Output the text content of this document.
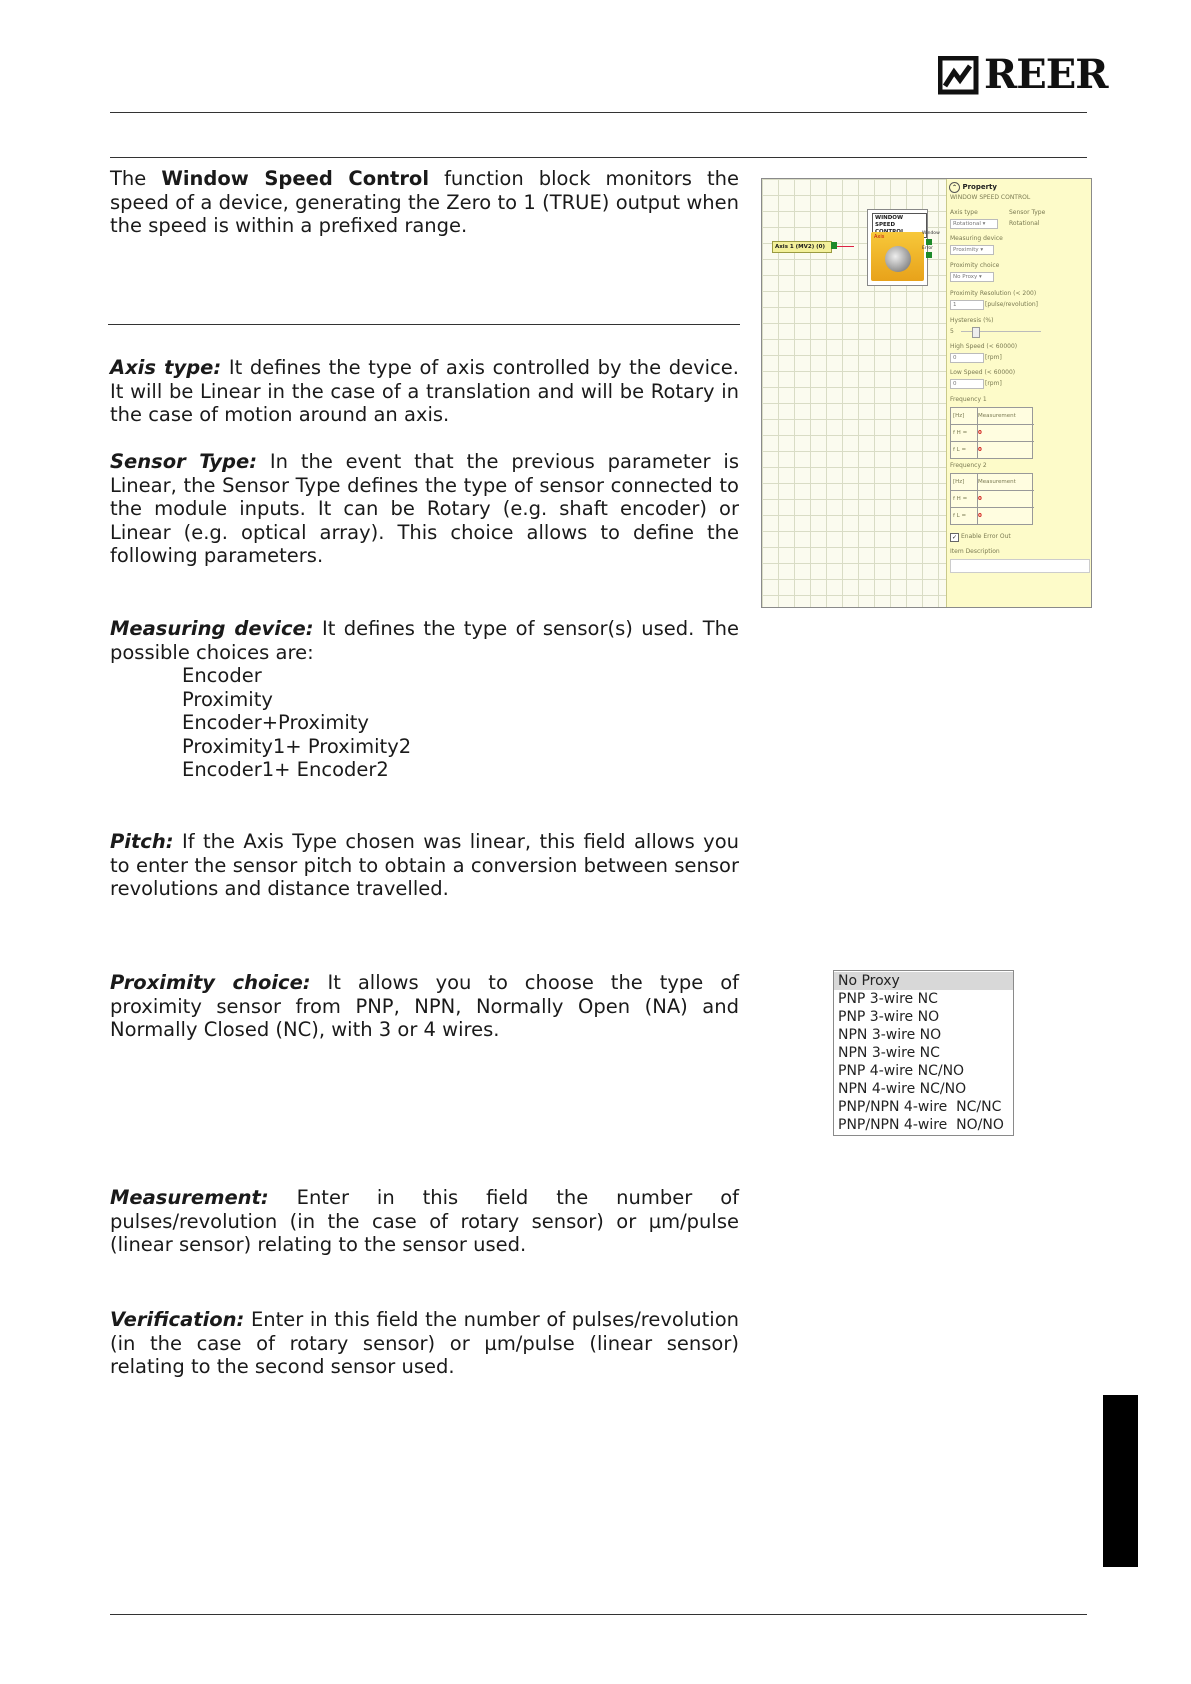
REER
The Window Speed Control function block monitors the speed of a device, generating the Zero to 1 (TRUE) output when the speed is within a prefixed range.
Axis type: It defines the type of axis controlled by the device. It will be Linear in the case of a translation and will be Rotary in the case of motion around an axis.
Sensor Type: In the event that the previous parameter is Linear, the Sensor Type defines the type of sensor connected to the module inputs. It can be Rotary (e.g. shaft encoder) or Linear (e.g. optical array). This choice allows to define the following parameters.
Measuring device: It defines the type of sensor(s) used. The possible choices are:
Encoder
Proximity
Encoder+Proximity
Proximity1+ Proximity2
Encoder1+ Encoder2
Pitch: If the Axis Type chosen was linear, this field allows you to enter the sensor pitch to obtain a conversion between sensor revolutions and distance travelled.
Proximity choice: It allows you to choose the type of proximity sensor from PNP, NPN, Normally Open (NA) and Normally Closed (NC), with 3 or 4 wires.
Measurement: Enter in this field the number of pulses/revolution (in the case of rotary sensor) or µm/pulse (linear sensor) relating to the sensor used.
Verification: Enter in this field the number of pulses/revolution (in the case of rotary sensor) or µm/pulse (linear sensor) relating to the second sensor used.
Axis 1 (MV2) (0)
WINDOW SPEED
Axis
Window
Error
⌃ Property
WINDOW SPEED CONTROL
Axis type	Sensor Type
Rotational ▾	Rotational
Measuring device
Proximity ▾
Proximity choice
No Proxy ▾
Proximity Resolution (< 200)
1	[pulse/revolution]
Hysteresis (%)
5
High Speed (< 60000)
0	[rpm]
Low Speed (< 60000)
0	[rpm]
Frequency 1
[Hz]	Measurement
f H =	0
f L =	0
Frequency 2
[Hz]	Measurement
f H =	0
f L =	0
✓ Enable Error Out
Item Description
No Proxy
PNP 3-wire NC
PNP 3-wire NO
NPN 3-wire NO
NPN 3-wire NC
PNP 4-wire NC/NO
NPN 4-wire NC/NO
PNP/NPN 4-wire  NC/NC
PNP/NPN 4-wire  NO/NO
